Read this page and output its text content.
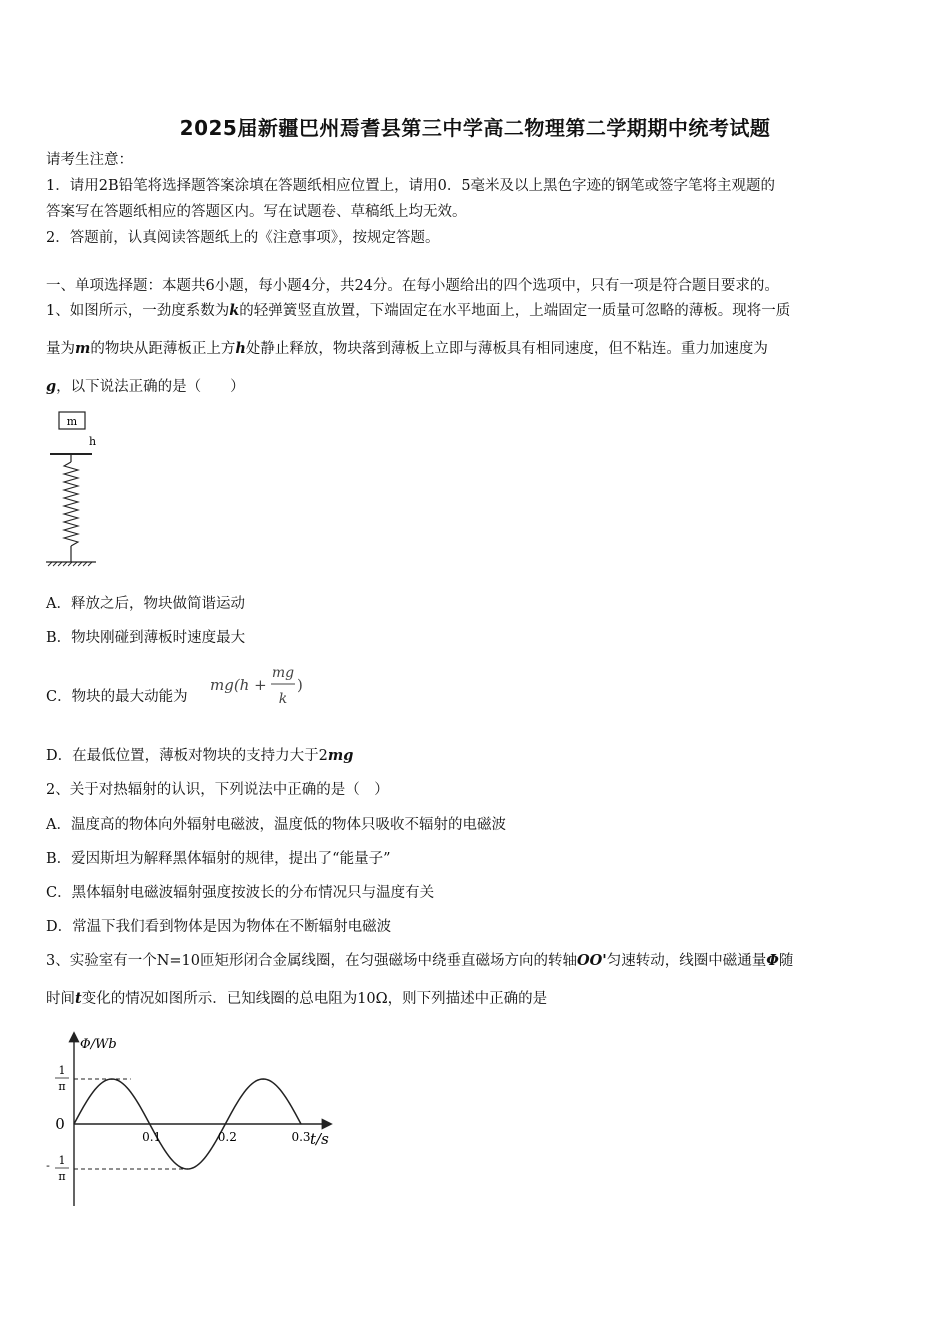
2025届新疆巴州焉耆县第三中学高二物理第二学期期中统考试题
请考生注意：
1．请用2B铅笔将选择题答案涂填在答题纸相应位置上，请用0．5毫米及以上黑色字迹的钢笔或签字笔将主观题的
答案写在答题纸相应的答题区内。写在试题卷、草稿纸上均无效。
2．答题前，认真阅读答题纸上的《注意事项》，按规定答题。
一、单项选择题：本题共6小题，每小题4分，共24分。在每小题给出的四个选项中，只有一项是符合题目要求的。
1、如图所示，一劲度系数为k的轻弹簧竖直放置，下端固定在水平地面上，上端固定一质量可忽略的薄板。现将一质
量为m的物块从距薄板正上方h处静止释放，物块落到薄板上立即与薄板具有相同速度，但不粘连。重力加速度为
g，以下说法正确的是（　　）
m
h
A．释放之后，物块做简谐运动
B．物块刚碰到薄板时速度最大
C．物块的最大动能为
mg(h +
mg
k
)
D．在最低位置，薄板对物块的支持力大于2mg
2、关于对热辐射的认识，下列说法中正确的是（　）
A．温度高的物体向外辐射电磁波，温度低的物体只吸收不辐射的电磁波
B．爱因斯坦为解释黑体辐射的规律，提出了“能量子”
C．黑体辐射电磁波辐射强度按波长的分布情况只与温度有关
D．常温下我们看到物体是因为物体在不断辐射电磁波
3、实验室有一个N=10匝矩形闭合金属线圈，在匀强磁场中绕垂直磁场方向的转轴OO'匀速转动，线圈中磁通量Φ随
时间t变化的情况如图所示．已知线圈的总电阻为10Ω，则下列描述中正确的是
Φ/Wb
t/s
0
1
π
- 1
π
0.1	0.2	0.3
